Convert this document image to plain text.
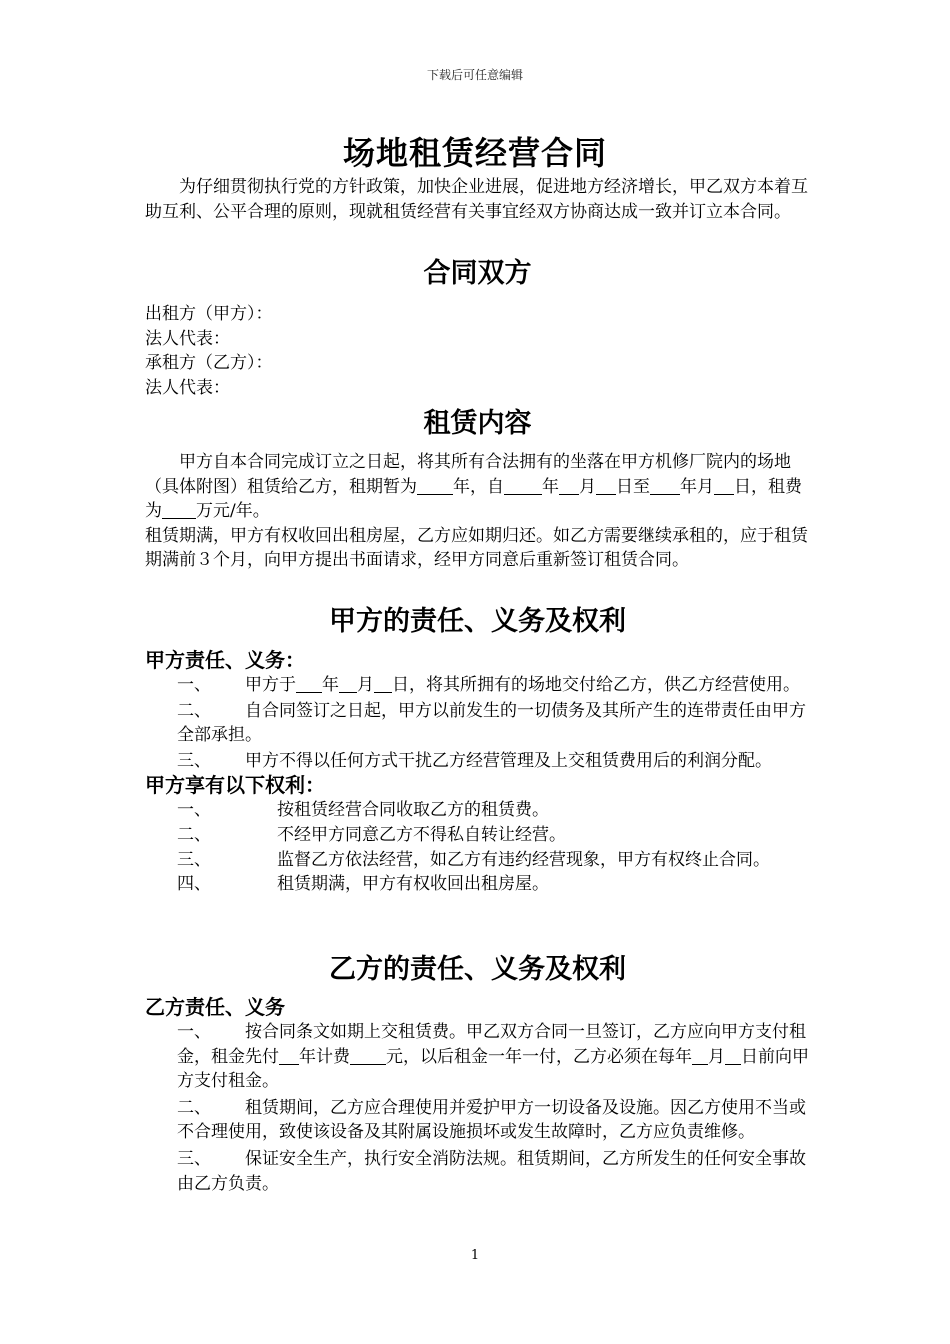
下载后可任意编辑
场地租赁经营合同

为仔细贯彻执行党的方针政策，加快企业进展，促进地方经济增长，甲乙双方本着互助互利、公平合理的原则，现就租赁经营有关事宜经双方协商达成一致并订立本合同。

合同双方

出租方（甲方）：

法人代表：

承租方（乙方）：

法人代表：

租赁内容

甲方自本合同完成订立之日起，将其所有合法拥有的坐落在甲方机修厂院内的场地（具体附图）租赁给乙方，租期暂为 年，自 年 月 日至 年月 日，租费为 万元/年。

租赁期满，甲方有权收回出租房屋，乙方应如期归还。如乙方需要继续承租的，应于租赁期满前３个月，向甲方提出书面请求，经甲方同意后重新签订租赁合同。

甲方的责任、义务及权利

甲方责任、义务：

一、 甲方于 年 月 日，将其所拥有的场地交付给乙方，供乙方经营使用。

二、 自合同签订之日起，甲方以前发生的一切债务及其所产生的连带责任由甲方全部承担。

三、 甲方不得以任何方式干扰乙方经营管理及上交租赁费用后的利润分配。

甲方享有以下权利：

一、	按租赁经营合同收取乙方的租赁费。

二、	不经甲方同意乙方不得私自转让经营。

三、	监督乙方依法经营，如乙方有违约经营现象，甲方有权终止合同。

四、	租赁期满，甲方有权收回出租房屋。

乙方的责任、义务及权利

乙方责任、义务

一、 按合同条文如期上交租赁费。甲乙双方合同一旦签订，乙方应向甲方支付租金，租金先付 年计费 元，以后租金一年一付，乙方必须在每年 月 日前向甲方支付租金。

二、 租赁期间，乙方应合理使用并爱护甲方一切设备及设施。因乙方使用不当或不合理使用，致使该设备及其附属设施损坏或发生故障时，乙方应负责维修。

三、 保证安全生产，执行安全消防法规。租赁期间，乙方所发生的任何安全事故由乙方负责。

1
